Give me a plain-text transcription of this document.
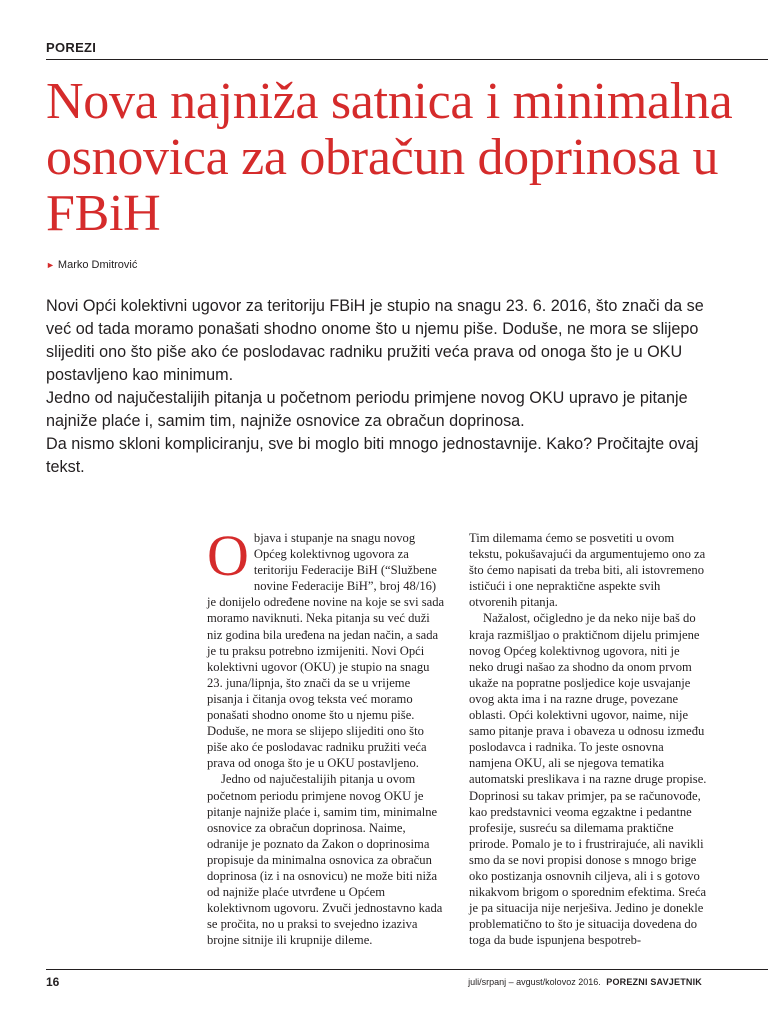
POREZI
Nova najniža satnica i minimalna osnovica za obračun doprinosa u FBiH
► Marko Dmitrović

Novi Opći kolektivni ugovor za teritoriju FBiH je stupio na snagu 23. 6. 2016, što znači da se već od tada moramo ponašati shodno onome što u njemu piše. Doduše, ne mora se slijepo slijediti ono što piše ako će poslodavac radniku pružiti veća prava od onoga što je u OKU postavljeno kao minimum.

Jedno od najučestalijih pitanja u početnom periodu primjene novog OKU upravo je pitanje najniže plaće i, samim tim, najniže osnovice za obračun doprinosa.

Da nismo skloni kompliciranju, sve bi moglo biti mnogo jednostavnije. Kako? Pročitajte ovaj tekst.

Objava i stupanje na snagu novog Općeg kolektivnog ugovora za teritoriju Federacije BiH (“Službene novine Federacije BiH”, broj 48/16) je donijelo određene novine na koje se svi sada moramo naviknuti. Neka pitanja su već duži niz godina bila uređena na jedan način, a sada je tu praksu potrebno izmijeniti. Novi Opći kolektivni ugovor (OKU) je stupio na snagu 23. juna/lipnja, što znači da se u vrijeme pisanja i čitanja ovog teksta već moramo ponašati shodno onome što u njemu piše. Doduše, ne mora se slijepo slijediti ono što piše ako će poslodavac radniku pružiti veća prava od onoga što je u OKU postavljeno.

Jedno od najučestalijih pitanja u ovom početnom periodu primjene novog OKU je pitanje najniže plaće i, samim tim, minimalne osnovice za obračun doprinosa. Naime, odranije je poznato da Zakon o doprinosima propisuje da minimalna osnovica za obračun doprinosa (iz i na osnovicu) ne može biti niža od najniže plaće utvrđene u Općem kolektivnom ugovoru. Zvuči jednostavno kada se pročita, no u praksi to svejedno izaziva brojne sitnije ili krupnije dileme.

Tim dilemama ćemo se posvetiti u ovom tekstu, pokušavajući da argumentujemo ono za što ćemo napisati da treba biti, ali istovremeno ističući i one nepraktične aspekte svih otvorenih pitanja.

Nažalost, očigledno je da neko nije baš do kraja razmišljao o praktičnom dijelu primjene novog Općeg kolektivnog ugovora, niti je neko drugi našao za shodno da onom prvom ukaže na popratne posljedice koje usvajanje ovog akta ima i na razne druge, povezane oblasti. Opći kolektivni ugovor, naime, nije samo pitanje prava i obaveza u odnosu između poslodavca i radnika. To jeste osnovna namjena OKU, ali se njegova tematika automatski preslikava i na razne druge propise. Doprinosi su takav primjer, pa se računovođe, kao predstavnici veoma egzaktne i pedantne profesije, susreću sa dilemama praktične prirode. Pomalo je to i frustrirajuće, ali navikli smo da se novi propisi donose s mnogo brige oko postizanja osnovnih ciljeva, ali i s gotovo nikakvom brigom o sporednim efektima. Sreća je pa situacija nije nerješiva. Jedino je donekle problematično to što je situacija dovedena do toga da bude ispunjena bespotreb-

16	juli/srpanj – avgust/kolovoz 2016. POREZNI SAVJETNIK
